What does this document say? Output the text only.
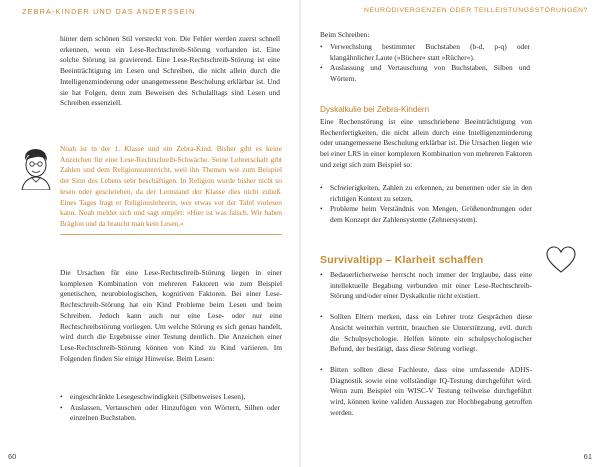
ZEBRA-KINDER UND DAS ANDERSSEIN

hinter dem schönen Stil versteckt von. Die Fehler werden zuerst schnell erkennen, wenn ein Lese-Rechtschreib-Störung vorhanden ist. Eine solche Störung ist gravierend. Eine Lese-Rechtschreib-Störung ist eine Beeinträchtigung im Lesen und Schreiben, die nicht allein durch die Intelligenzminderung oder unangemessene Beschulung erklärbar ist. Und sie hat Folgen, denn zum Beweisen des Schulalltags sind Lesen und Schreiben essenziell.

Noah ist in der 1. Klasse und ein Zebra-Kind. Bisher gibt es keine Anzeichen für eine Lese-Rechtschreib-Schwäche. Seine Lehrerschaft gibt Zahlen und dem Religionsunterricht, weil ihn Themen wie zum Beispiel der Sinn des Lebens sehr beschäftigen. In Religion wurde bisher nicht so lesen oder geschrieben, da der Lernstand der Klasse dies nicht zuließ. Eines Tages fragt er Religionslehrerin, wer etwas vor der Tafel vorlesen kann. Noah meldet sich und sagt empört: »Hier ist was falsch. Wir haben Bräglon und da braucht man kein Lesen.«

Die Ursachen für eine Lese-Rechtschreib-Störung liegen in einer komplexen Kombination von mehreren Faktoren wie zum Beispiel genetischen, neurobiologischen, kognitiven Faktoren. Bei einer Lese-Rechtschreib-Störung hat ein Kind Probleme beim Lesen und beim Schreiben. Jedoch kann auch nur eine Lese- oder nur eine Rechtschreibstörung vorliegen. Um welche Störung es sich genau handelt, wird durch die Ergebnisse einer Testung deutlich. Die Anzeichen einer Lese-Rechtschreib-Störung können von Kind zu Kind variieren. Im Folgenden finden Sie einige Hinweise. Beim Lesen:

• eingeschränkte Lesegeschwindigkeit (Silbenweises Lesen),
• Auslassen, Vertauschen oder Hinzufügen von Wörtern, Silben oder einzelnen Buchstaben.
60
NEURODIVERGENZEN ODER TEILLEISTUNGSSTÖRUNGEN?

Beim Schreiben:

• Verwechslung bestimmter Buchstaben (b-d, p-q) oder klangähnlicher Laute (»Bücher« statt »Rücher«).
• Auslassung und Vertauschung von Buchstaben, Silben und Wörtern.
Dyskalkulie bei Zebra-Kindern

Eine Rechenstörung ist eine umschriebene Beeinträchtigung von Rechenfertigkeiten, die nicht allein durch eine Intelligenzminderung oder unangemessene Beschulung erklärbar ist. Die Ursachen liegen wie bei einer LRS in einer komplexen Kombination von mehreren Faktoren und zeigt sich zum Beispiel so:

• Schwierigkeiten, Zahlen zu erkennen, zu benennen oder sie in den richtigen Kontext zu setzen,
• Probleme beim Verständnis von Mengen, Größenordnungen oder dem Konzept der Zahlensysteme (Zehnersystem).
Survivaltipp – Klarheit schaffen
• Bedauerlicherweise herrscht noch immer der Irrglaube, dass eine intellektuelle Begabung verbunden mit einer Lese-Rechtschreib-Störung und/oder einer Dyskalkulie nicht existiert.
• Sollten Eltern merken, dass ein Lehrer trotz Gesprächen diese Ansicht weiterhin vertritt, brauchen sie Unterstützung, evtl. durch die Schulpsychologie. Helfen könnte ein schulpsychologischer Befund, der bestätigt, dass diese Störung vorliegt.
• Bitten sollten diese Fachleute, dass eine umfassende ADHS-Diagnostik sowie eine vollständige IQ-Testung durchgeführt wird. Wenn zum Beispiel ein WISC-V Testung teilweise durchgeführt wird, können keine validen Aussagen zur Hochbegabung getroffen werden.
61
